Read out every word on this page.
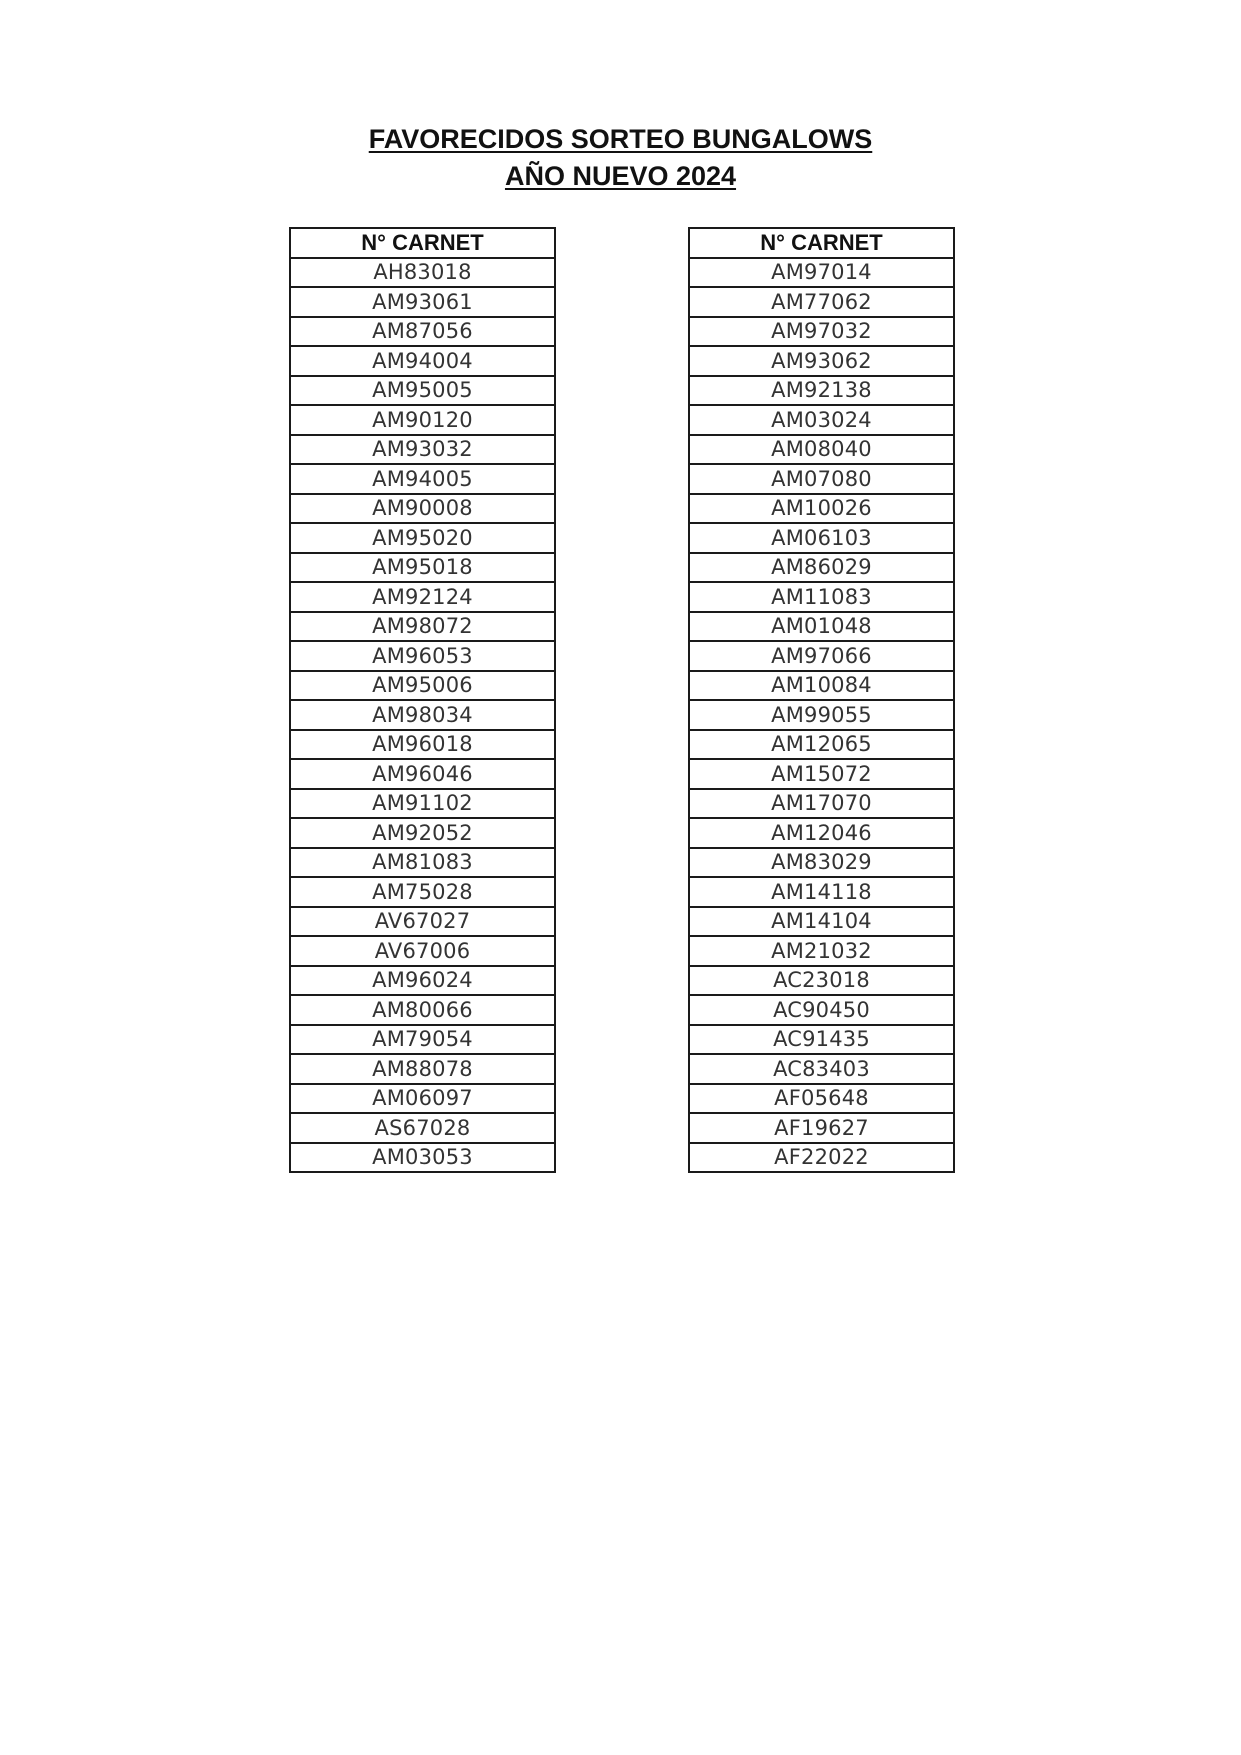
FAVORECIDOS SORTEO BUNGALOWS
AÑO NUEVO 2024
N° CARNET
AH83018
AM93061
AM87056
AM94004
AM95005
AM90120
AM93032
AM94005
AM90008
AM95020
AM95018
AM92124
AM98072
AM96053
AM95006
AM98034
AM96018
AM96046
AM91102
AM92052
AM81083
AM75028
AV67027
AV67006
AM96024
AM80066
AM79054
AM88078
AM06097
AS67028
AM03053
N° CARNET
AM97014
AM77062
AM97032
AM93062
AM92138
AM03024
AM08040
AM07080
AM10026
AM06103
AM86029
AM11083
AM01048
AM97066
AM10084
AM99055
AM12065
AM15072
AM17070
AM12046
AM83029
AM14118
AM14104
AM21032
AC23018
AC90450
AC91435
AC83403
AF05648
AF19627
AF22022
